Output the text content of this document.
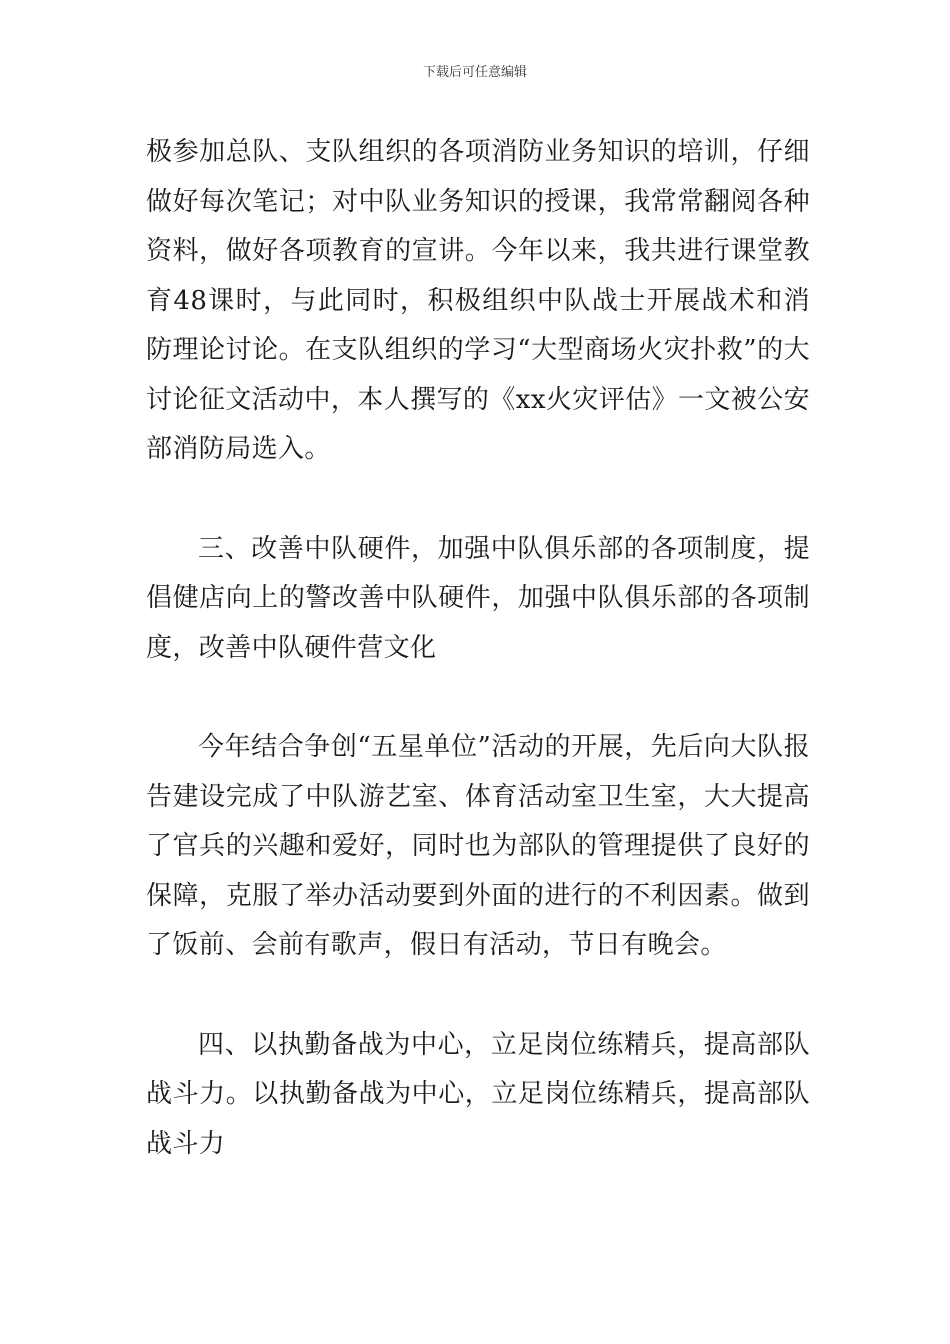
下载后可任意编辑

极参加总队、支队组织的各项消防业务知识的培训，仔细做好每次笔记；对中队业务知识的授课，我常常翻阅各种资料，做好各项教育的宣讲。今年以来，我共进行课堂教育48课时，与此同时，积极组织中队战士开展战术和消防理论讨论。在支队组织的学习“大型商场火灾扑救”的大讨论征文活动中，本人撰写的《xx火灾评估》一文被公安部消防局选入。

三、改善中队硬件，加强中队俱乐部的各项制度，提倡健店向上的警改善中队硬件，加强中队俱乐部的各项制度，改善中队硬件营文化

今年结合争创“五星单位”活动的开展，先后向大队报告建设完成了中队游艺室、体育活动室卫生室，大大提高了官兵的兴趣和爱好，同时也为部队的管理提供了良好的保障，克服了举办活动要到外面的进行的不利因素。做到了饭前、会前有歌声，假日有活动，节日有晚会。

四、以执勤备战为中心，立足岗位练精兵，提高部队战斗力。以执勤备战为中心，立足岗位练精兵，提高部队战斗力
